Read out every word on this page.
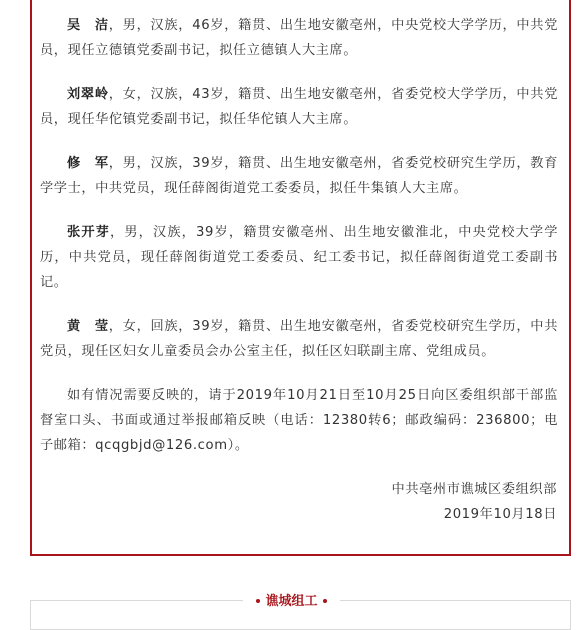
吴　洁，男，汉族，46岁，籍贯、出生地安徽亳州，中央党校大学学历，中共党员，现任立德镇党委副书记，拟任立德镇人大主席。

刘翠岭，女，汉族，43岁，籍贯、出生地安徽亳州，省委党校大学学历，中共党员，现任华佗镇党委副书记，拟任华佗镇人大主席。

修　军，男，汉族，39岁，籍贯、出生地安徽亳州，省委党校研究生学历，教育学学士，中共党员，现任薛阁街道党工委委员，拟任牛集镇人大主席。

张开芽，男，汉族，39岁，籍贯安徽亳州、出生地安徽淮北，中央党校大学学历，中共党员，现任薛阁街道党工委委员、纪工委书记，拟任薛阁街道党工委副书记。

黄　莹，女，回族，39岁，籍贯、出生地安徽亳州，省委党校研究生学历，中共党员，现任区妇女儿童委员会办公室主任，拟任区妇联副主席、党组成员。

如有情况需要反映的，请于2019年10月21日至10月25日向区委组织部干部监督室口头、书面或通过举报邮箱反映（电话：12380转6；邮政编码：236800；电子邮箱：qcqgbjd@126.com）。

中共亳州市谯城区委组织部
2019年10月18日
谯城组工
